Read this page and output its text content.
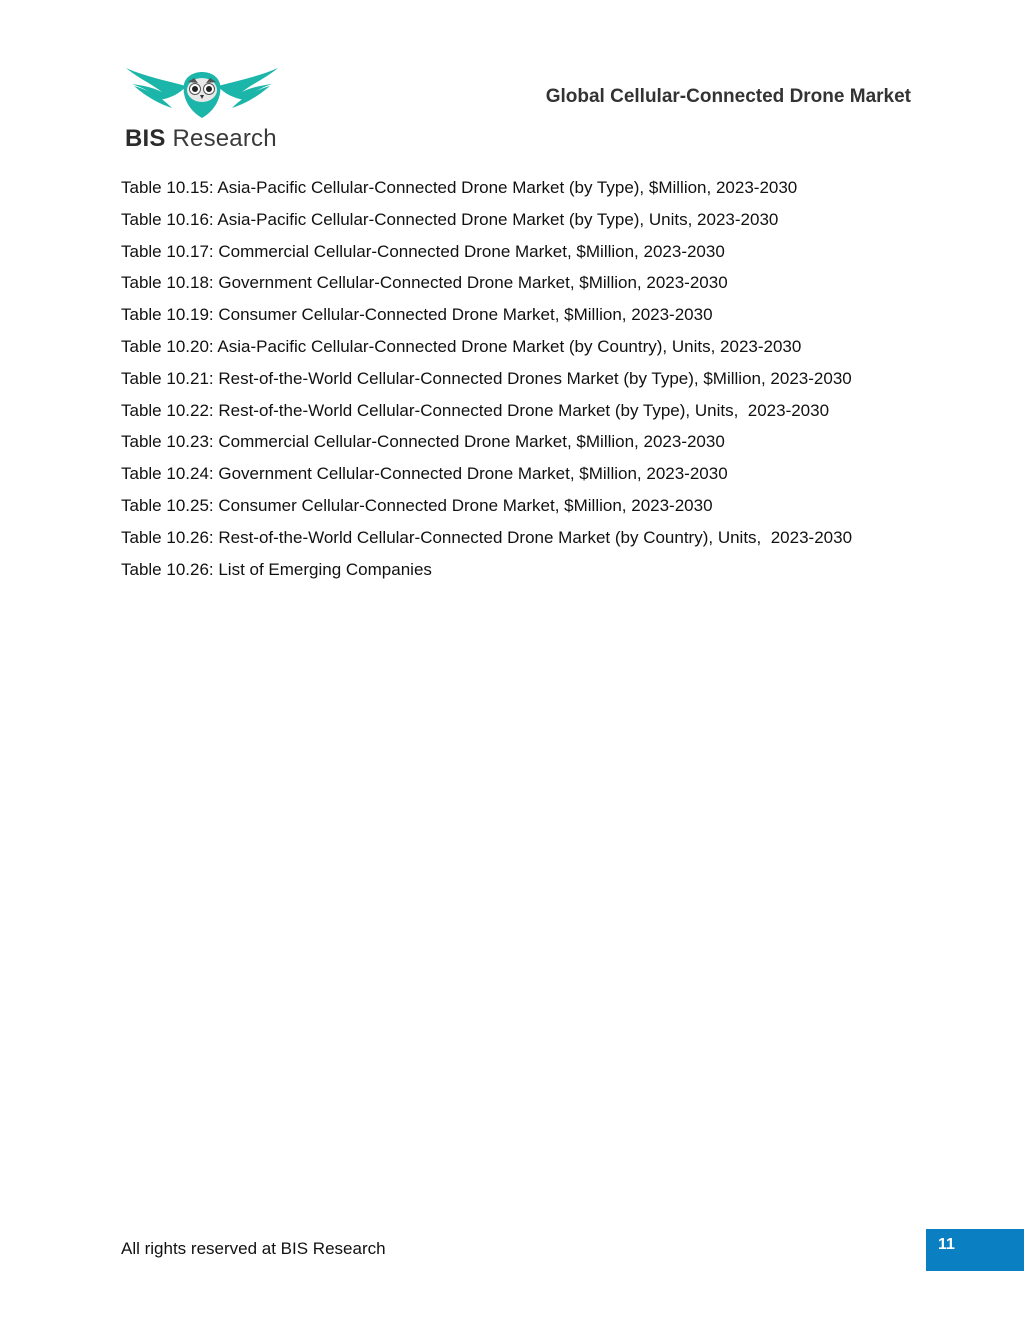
BIS Research
Global Cellular-Connected Drone Market
Table 10.15: Asia-Pacific Cellular-Connected Drone Market (by Type), $Million, 2023-2030
Table 10.16: Asia-Pacific Cellular-Connected Drone Market (by Type), Units, 2023-2030
Table 10.17: Commercial Cellular-Connected Drone Market, $Million, 2023-2030
Table 10.18: Government Cellular-Connected Drone Market, $Million, 2023-2030
Table 10.19: Consumer Cellular-Connected Drone Market, $Million, 2023-2030
Table 10.20: Asia-Pacific Cellular-Connected Drone Market (by Country), Units, 2023-2030
Table 10.21: Rest-of-the-World Cellular-Connected Drones Market (by Type), $Million, 2023-2030
Table 10.22: Rest-of-the-World Cellular-Connected Drone Market (by Type), Units,  2023-2030
Table 10.23: Commercial Cellular-Connected Drone Market, $Million, 2023-2030
Table 10.24: Government Cellular-Connected Drone Market, $Million, 2023-2030
Table 10.25: Consumer Cellular-Connected Drone Market, $Million, 2023-2030
Table 10.26: Rest-of-the-World Cellular-Connected Drone Market (by Country), Units,  2023-2030
Table 10.26: List of Emerging Companies
All rights reserved at BIS Research	11
